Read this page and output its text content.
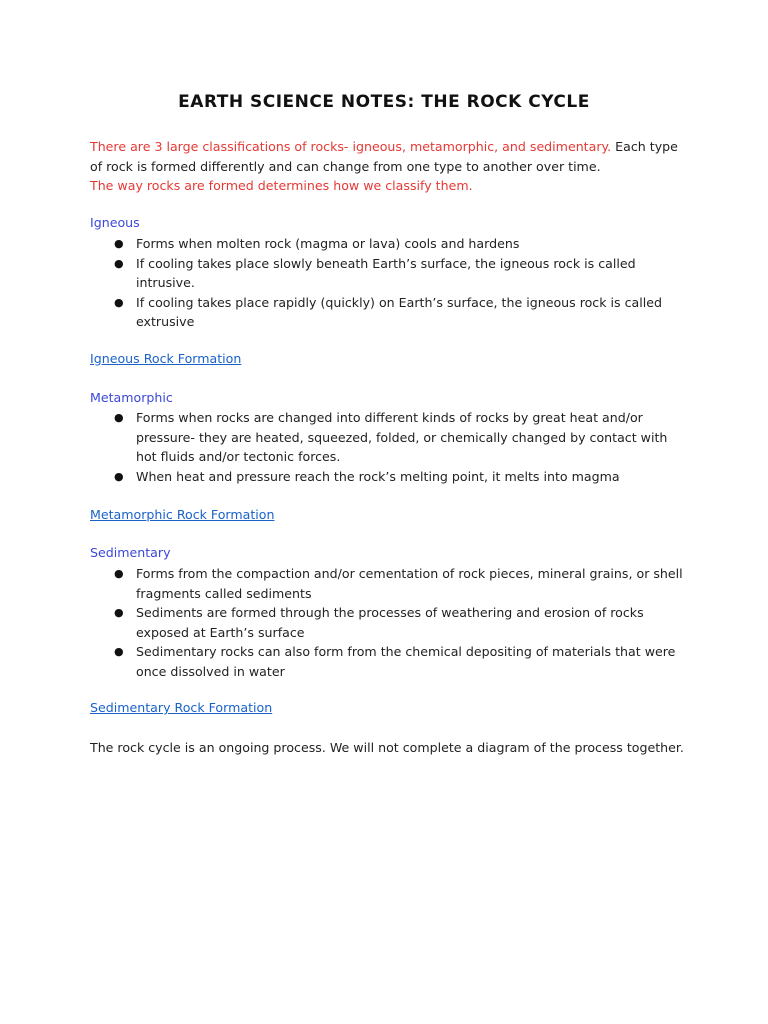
EARTH SCIENCE NOTES: THE ROCK CYCLE
There are 3 large classifications of rocks- igneous, metamorphic, and sedimentary. Each type of rock is formed differently and can change from one type to another over time.
The way rocks are formed determines how we classify them.
Igneous
● Forms when molten rock (magma or lava) cools and hardens
● If cooling takes place slowly beneath Earth’s surface, the igneous rock is called intrusive.
● If cooling takes place rapidly (quickly) on Earth’s surface, the igneous rock is called extrusive
Igneous Rock Formation
Metamorphic
● Forms when rocks are changed into different kinds of rocks by great heat and/or pressure- they are heated, squeezed, folded, or chemically changed by contact with hot fluids and/or tectonic forces.
● When heat and pressure reach the rock’s melting point, it melts into magma
Metamorphic Rock Formation
Sedimentary
● Forms from the compaction and/or cementation of rock pieces, mineral grains, or shell fragments called sediments
● Sediments are formed through the processes of weathering and erosion of rocks exposed at Earth’s surface
● Sedimentary rocks can also form from the chemical depositing of materials that were once dissolved in water
Sedimentary Rock Formation
The rock cycle is an ongoing process. We will not complete a diagram of the process together.
